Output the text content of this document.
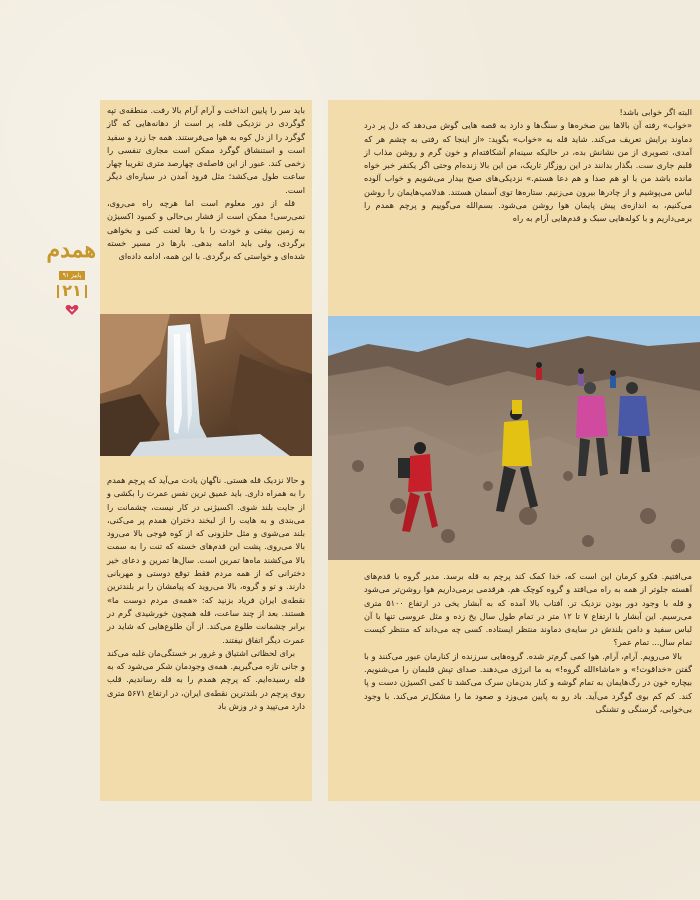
باید سر را پایین انداخت و آرام آرام بالا رفت. منطقه‌ی تپه گوگردی در نزدیکی قله، پر است از دهانه‌هایی که گاز گوگرد را از دل کوه به هوا می‌فرستند. همه جا زرد و سفید است و استنشاق گوگرد ممکن است مجاری تنفسی را زخمی کند. عبور از این فاصله‌ی چهارصد متری تقریبا چهار ساعت طول می‌کشد؛ مثل فرود آمدن در سیاره‌ای دیگر است.

قله از دور معلوم است اما هرچه راه می‌روی، نمی‌رسی! ممکن است از فشار بی‌حالی و کمبود اکسیژن به زمین بیفتی و خودت را با رها لعنت کنی و بخواهی برگردی، ولی باید ادامه بدهی. بارها در مسیر خسته شده‌ای و خواستی که برگردی. با این همه، ادامه داده‌ای

و حالا نزدیک قله هستی. ناگهان یادت می‌آید که پرچم همدم را به همراه داری. باید عمیق ترین نفس عمرت را بکشی و از جایت بلند شوی. اکسیژنی در کار نیست، چشمانت را می‌بندی و به هایت را از لبخند دختران همدم پر می‌کنی، بلند می‌شوی و مثل حلزونی که از کوه فوجی بالا می‌رود بالا می‌روی. پشت این قدم‌های خسته که تنت را به سمت بالا می‌کشند ماه‌ها تمرین است. سال‌ها تمرین و دعای خیر دخترانی که از همه مردم فقط توقع دوستی و مهربانی دارند. و تو و گروه، بالا می‌روید که پیامشان را بر بلندترین نقطه‌ی ایران فریاد بزنید که: «همه‌ی مردم دوست ما» هستند. بعد از چند ساعت، قله همچون خورشیدی گرم در برابر چشمانت طلوع می‌کند. از آن طلوع‌هایی که شاید در عمرت دیگر اتفاق نیفتند.

برای لحظاتی اشتیاق و غرور بر خستگی‌مان غلبه می‌کند و جانی تازه می‌گیریم. همه‌ی وجودمان شکر می‌شود که به قله رسیده‌ایم. که پرچم همدم را به قله رساندیم. قلب روی پرچم در بلندترین نقطه‌ی ایران، در ارتفاع ۵۶۷۱ متری دارد می‌تپید و در وزش باد

البته اگر خوابی باشد!

«خواب» رفته آن بالاها بین صخره‌ها و سنگ‌ها و دارد به قصه هایی گوش می‌دهد که دل پر درد دماوند برایش تعریف می‌کند. شاید قله به «خواب» بگوید: «از اینجا که رفتی به چشم هر که آمدی، تصویری از من نشانش بده، در حالیکه سینه‌ام آشکافته‌ام و خون گرم و روشن مذاب از قلبم جاری ست. بگذار بدانند در این روزگار تاریک، من این بالا زنده‌ام وحتی اگر یکنفر خبر خواه مانده باشد من با او هم صدا و هم دعا هستم.» نزدیکی‌های صبح بیدار می‌شویم و خواب آلوده لباس می‌پوشیم و از چادرها بیرون می‌زنیم. ستاره‌ها توی آسمان هستند. هدلامپ‌هایمان را روشن می‌کنیم، به اندازه‌ی پیش پایمان هوا روشن می‌شود. بسم‌الله می‌گوییم و پرچم همدم را برمی‌داریم و با کوله‌هایی سبک و قدم‌هایی آرام به راه

می‌افتیم. فکرو کرمان این است که، خدا کمک کند پرچم به قله برسد. مدیر گروه با قدم‌های آهسته جلوتر از همه به راه می‌افتد و گروه کوچک هم. هرقدمی برمی‌داریم هوا روشن‌تر می‌شود و قله با وجود دور بودن نزدیک تر. آفتاب بالا آمده که به آبشار یخی در ارتفاع ۵۱۰۰ متری می‌رسیم. این آبشار با ارتفاع ۷ تا ۱۲ متر در تمام طول سال یخ زده و مثل عروسی تنها با آن لباس سفید و دامن بلندش در سایه‌ی دماوند منتظر ایستاده. کسی چه می‌داند که منتظر کیست تمام سال... تمام عمر؟

بالا می‌رویم. آرام، آرام. هوا کمی گرم‌تر شده. گروه‌هایی سرزنده از کنارمان عبور می‌کنند و با گفتن «خداقوت!» و «ماشاءالله گروه!» به ما انرژی می‌دهند. صدای تپش قلبمان را می‌شنویم. بیچاره خون در رگ‌هایمان به تمام گوشه و کنار بدن‌مان سرک می‌کشد تا کمی اکسیژن دست و پا کند. کم کم بوی گوگرد می‌آید. باد رو به پایین می‌وزد و صعود ما را مشکل‌تر می‌کند. با وجود بی‌خوابی، گرسنگی و تشنگی

همدم
پاییز ۹۱
۲۱
